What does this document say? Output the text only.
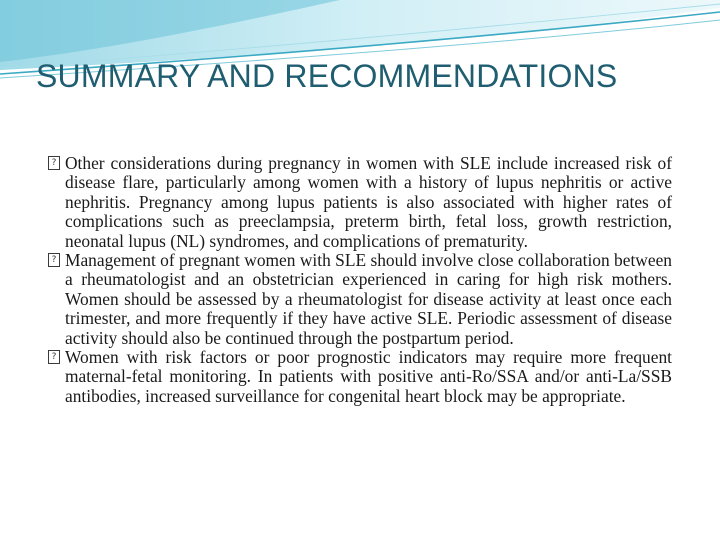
SUMMARY AND RECOMMENDATIONS
? Other considerations during pregnancy in women with SLE include increased risk of disease flare, particularly among women with a history of lupus nephritis or active nephritis. Pregnancy among lupus patients is also associated with higher rates of complications such as preeclampsia, preterm birth, fetal loss, growth restriction, neonatal lupus (NL) syndromes, and complications of prematurity.
? Management of pregnant women with SLE should involve close collaboration between a rheumatologist and an obstetrician experienced in caring for high risk mothers. Women should be assessed by a rheumatologist for disease activity at least once each trimester, and more frequently if they have active SLE. Periodic assessment of disease activity should also be continued through the postpartum period.
? Women with risk factors or poor prognostic indicators may require more frequent maternal-fetal monitoring. In patients with positive anti-Ro/SSA and/or anti-La/SSB antibodies, increased surveillance for congenital heart block may be appropriate.
